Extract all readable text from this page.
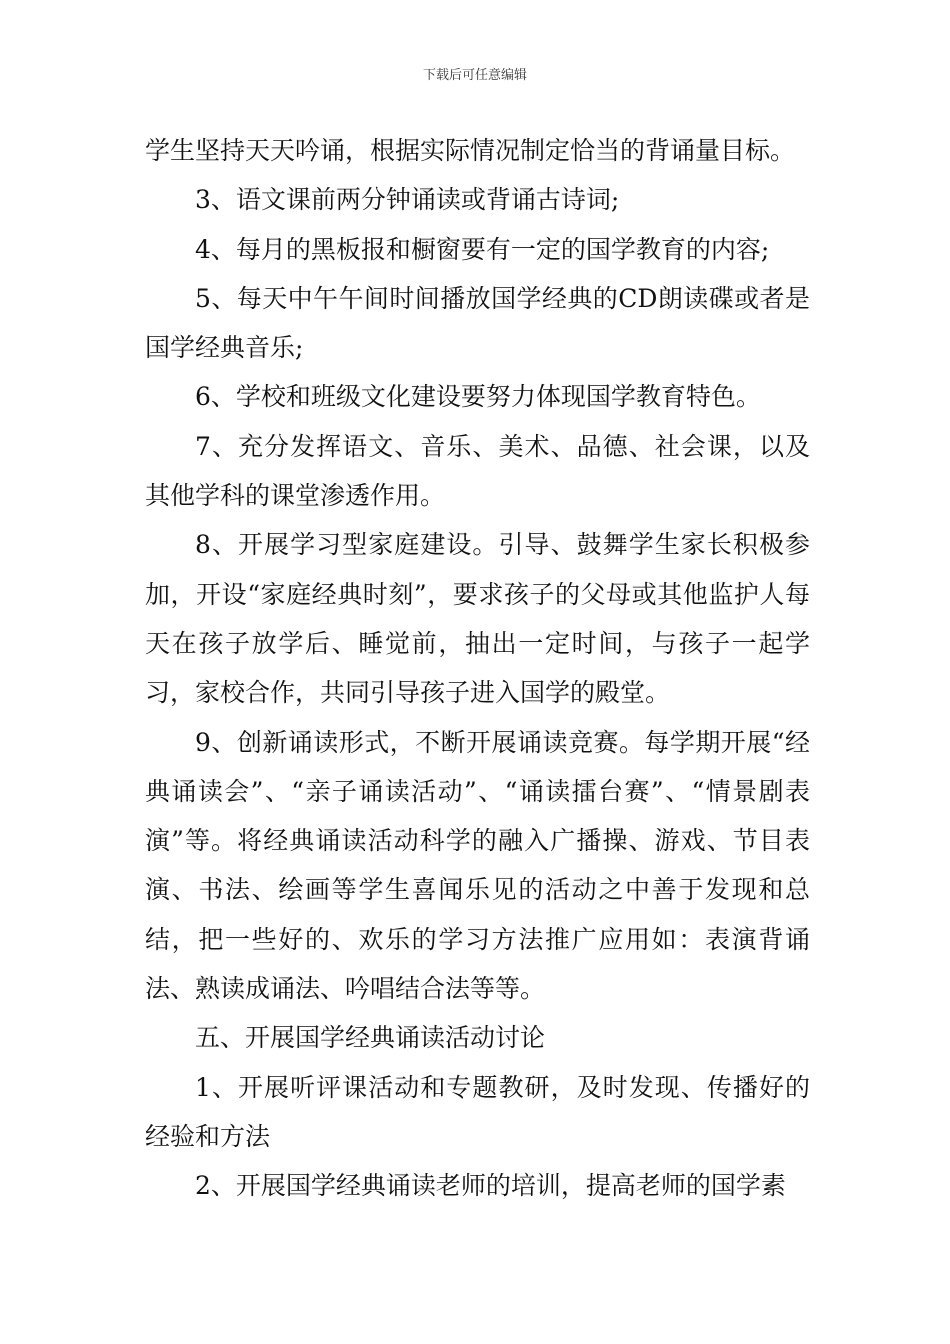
下载后可任意编辑

学生坚持天天吟诵，根据实际情况制定恰当的背诵量目标。

3、语文课前两分钟诵读或背诵古诗词;

4、每月的黑板报和橱窗要有一定的国学教育的内容;

5、每天中午午间时间播放国学经典的CD朗读碟或者是国学经典音乐;

6、学校和班级文化建设要努力体现国学教育特色。

7、充分发挥语文、音乐、美术、品德、社会课，以及其他学科的课堂渗透作用。

8、开展学习型家庭建设。引导、鼓舞学生家长积极参加，开设“家庭经典时刻”，要求孩子的父母或其他监护人每天在孩子放学后、睡觉前，抽出一定时间，与孩子一起学习，家校合作，共同引导孩子进入国学的殿堂。

9、创新诵读形式，不断开展诵读竞赛。每学期开展“经典诵读会”、“亲子诵读活动”、“诵读擂台赛”、“情景剧表演”等。将经典诵读活动科学的融入广播操、游戏、节目表演、书法、绘画等学生喜闻乐见的活动之中善于发现和总结，把一些好的、欢乐的学习方法推广应用如：表演背诵法、熟读成诵法、吟唱结合法等等。

五、开展国学经典诵读活动讨论

1、开展听评课活动和专题教研，及时发现、传播好的经验和方法

2、开展国学经典诵读老师的培训，提高老师的国学素
